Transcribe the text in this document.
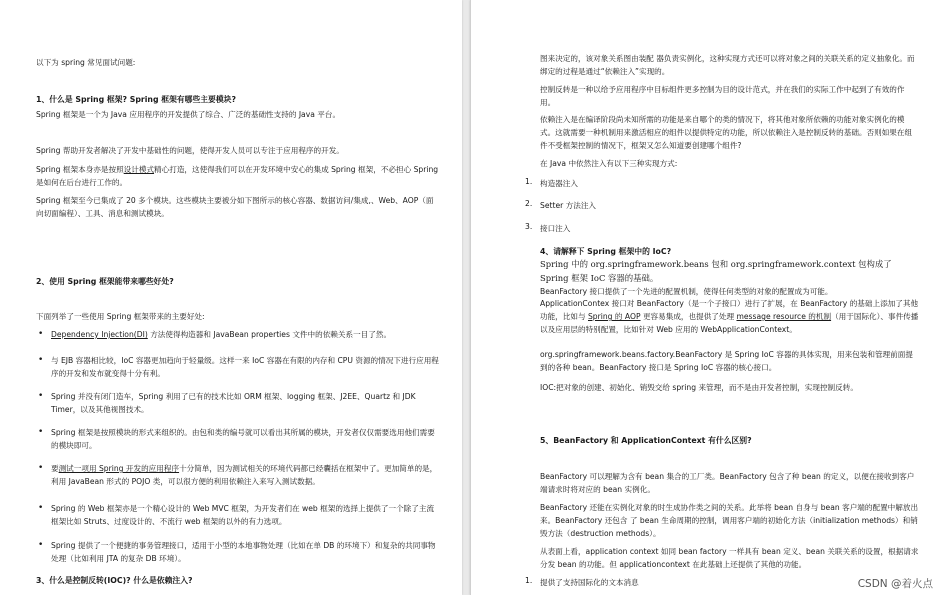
以下为 spring 常见面试问题:
1、什么是 Spring 框架? Spring 框架有哪些主要模块?
Spring 框架是一个为 Java 应用程序的开发提供了综合、广泛的基础性支持的 Java 平台。
Spring 帮助开发者解决了开发中基础性的问题，使得开发人员可以专注于应用程序的开发。
Spring 框架本身亦是按照设计模式精心打造，这使得我们可以在开发环境中安心的集成 Spring 框架，不必担心 Spring 是如何在后台进行工作的。
Spring 框架至今已集成了 20 多个模块。这些模块主要被分如下图所示的核心容器、数据访问/集成,、Web、AOP（面向切面编程）、工具、消息和测试模块。
2、使用 Spring 框架能带来哪些好处?
下面列举了一些使用 Spring 框架带来的主要好处:
• Dependency Injection(DI) 方法使得构造器和 JavaBean properties 文件中的依赖关系一目了然。
• 与 EJB 容器相比较，IoC 容器更加趋向于轻量级。这样一来 IoC 容器在有限的内存和 CPU 资源的情况下进行应用程序的开发和发布就变得十分有利。
• Spring 并没有闭门造车，Spring 利用了已有的技术比如 ORM 框架、logging 框架、J2EE、Quartz 和 JDK Timer，以及其他视图技术。
• Spring 框架是按照模块的形式来组织的。由包和类的编号就可以看出其所属的模块，开发者仅仅需要选用他们需要的模块即可。
• 要测试一项用 Spring 开发的应用程序十分简单，因为测试相关的环境代码都已经囊括在框架中了。更加简单的是，利用 JavaBean 形式的 POJO 类，可以很方便的利用依赖注入来写入测试数据。
• Spring 的 Web 框架亦是一个精心设计的 Web MVC 框架，为开发者们在 web 框架的选择上提供了一个除了主流框架比如 Struts、过度设计的、不流行 web 框架的以外的有力选项。
• Spring 提供了一个便捷的事务管理接口，适用于小型的本地事物处理（比如在单 DB 的环境下）和复杂的共同事物处理（比如利用 JTA 的复杂 DB 环境）。
3、什么是控制反转(IOC)? 什么是依赖注入?
图来决定的，该对象关系图由装配 器负责实例化，这种实现方式还可以将对象之间的关联关系的定义抽象化。而绑定的过程是通过“依赖注入”实现的。
控制反转是一种以给予应用程序中目标组件更多控制为目的设计范式，并在我们的实际工作中起到了有效的作用。
依赖注入是在编译阶段尚未知所需的功能是来自哪个的类的情况下，将其他对象所依赖的功能对象实例化的模式。这就需要一种机制用来激活相应的组件以提供特定的功能，所以依赖注入是控制反转的基础。否则如果在组件不受框架控制的情况下，框架又怎么知道要创建哪个组件?
在 Java 中依然注入有以下三种实现方式:
1. 构造器注入
2. Setter 方法注入
3. 接口注入
4、请解释下 Spring 框架中的 IoC?
Spring 中的 org.springframework.beans 包和 org.springframework.context 包构成了 Spring 框架 IoC 容器的基础。
BeanFactory 接口提供了一个先进的配置机制，使得任何类型的对象的配置成为可能。
ApplicationContex 接口对 BeanFactory（是一个子接口）进行了扩展，在 BeanFactory 的基础上添加了其他功能，比如与 Spring 的 AOP 更容易集成，也提供了处理 message resource 的机制（用于国际化）、事件传播以及应用层的特别配置，比如针对 Web 应用的 WebApplicationContext。
org.springframework.beans.factory.BeanFactory 是 Spring IoC 容器的具体实现，用来包装和管理前面提到的各种 bean。BeanFactory 接口是 Spring IoC 容器的核心接口。
IOC:把对象的创建、初始化、销毁交给 spring 来管理，而不是由开发者控制，实现控制反转。
5、BeanFactory 和 ApplicationContext 有什么区别?
BeanFactory 可以理解为含有 bean 集合的工厂类。BeanFactory 包含了种 bean 的定义，以便在接收到客户端请求时将对应的 bean 实例化。
BeanFactory 还能在实例化对象的时生成协作类之间的关系。此举将 bean 自身与 bean 客户端的配置中解放出来。BeanFactory 还包含 了 bean 生命周期的控制，调用客户端的初始化方法（initialization methods）和销毁方法（destruction methods）。
从表面上看，application context 如同 bean factory 一样具有 bean 定义、bean 关联关系的设置，根据请求分发 bean 的功能。但 applicationcontext 在此基础上还提供了其他的功能。
1. 提供了支持国际化的文本消息	CSDN @着火点
